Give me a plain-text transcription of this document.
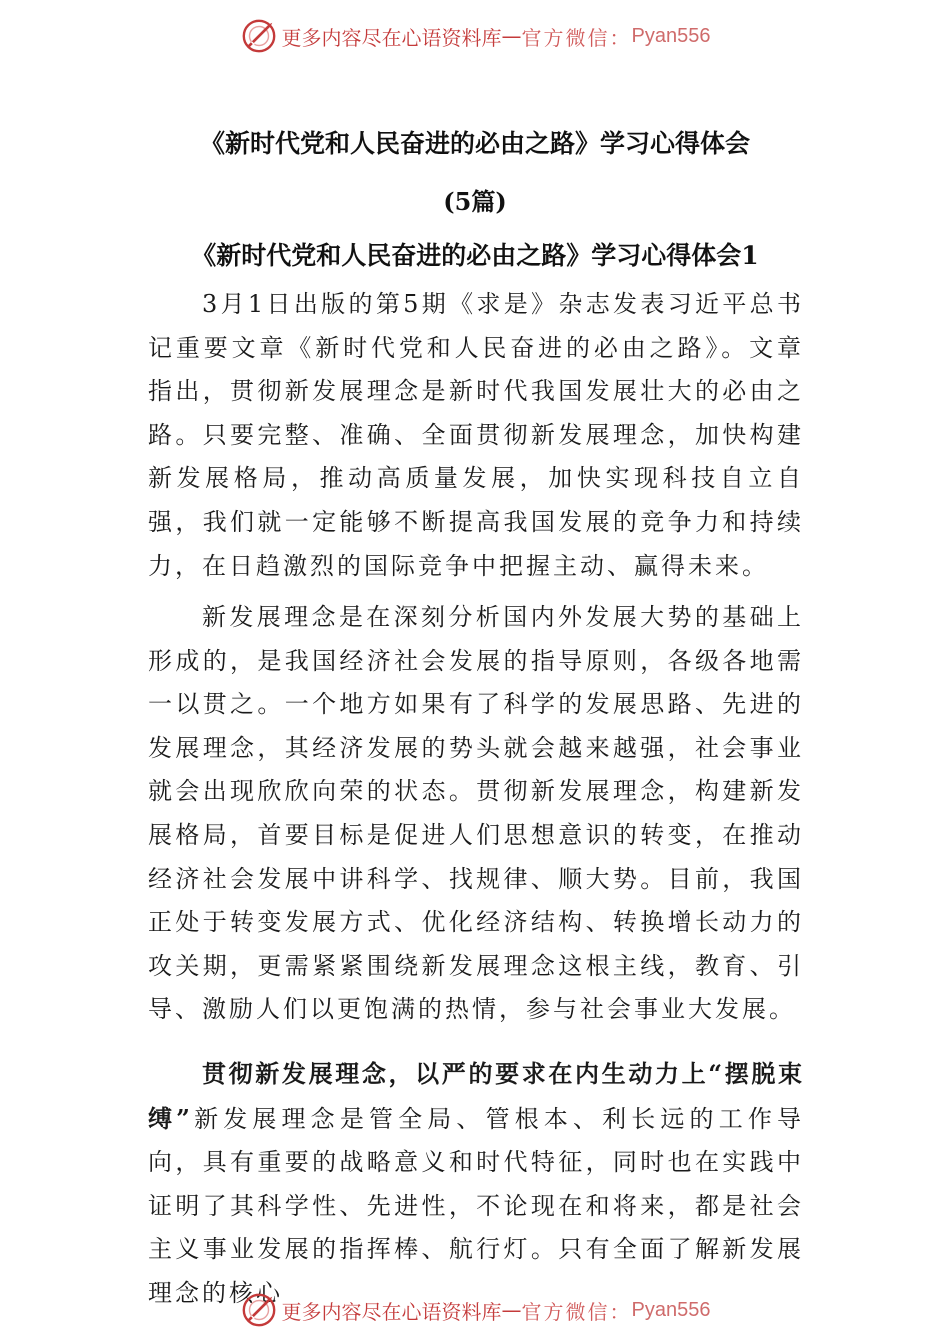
更多内容尽在心语资料库 — 官方微信： Pyan556
《新时代党和人民奋进的必由之路》学习心得体会
(5篇)
《新时代党和人民奋进的必由之路》学习心得体会1

3月1日出版的第5期《求是》杂志发表习近平总书记重要文章《新时代党和人民奋进的必由之路》。文章指出，贯彻新发展理念是新时代我国发展壮大的必由之路。只要完整、准确、全面贯彻新发展理念，加快构建新发展格局，推动高质量发展，加快实现科技自立自强，我们就一定能够不断提高我国发展的竞争力和持续力，在日趋激烈的国际竞争中把握主动、赢得未来。

新发展理念是在深刻分析国内外发展大势的基础上形成的，是我国经济社会发展的指导原则，各级各地需一以贯之。一个地方如果有了科学的发展思路、先进的发展理念，其经济发展的势头就会越来越强，社会事业就会出现欣欣向荣的状态。贯彻新发展理念，构建新发展格局，首要目标是促进人们思想意识的转变，在推动经济社会发展中讲科学、找规律、顺大势。目前，我国正处于转变发展方式、优化经济结构、转换增长动力的攻关期，更需紧紧围绕新发展理念这根主线，教育、引导、激励人们以更饱满的热情，参与社会事业大发展。

贯彻新发展理念，以严的要求在内生动力上“摆脱束缚”新发展理念是管全局、管根本、利长远的工作导向，具有重要的战略意义和时代特征，同时也在实践中证明了其科学性、先进性，不论现在和将来，都是社会主义事业发展的指挥棒、航行灯。只有全面了解新发展理念的核心

更多内容尽在心语资料库 — 官方微信： Pyan556
